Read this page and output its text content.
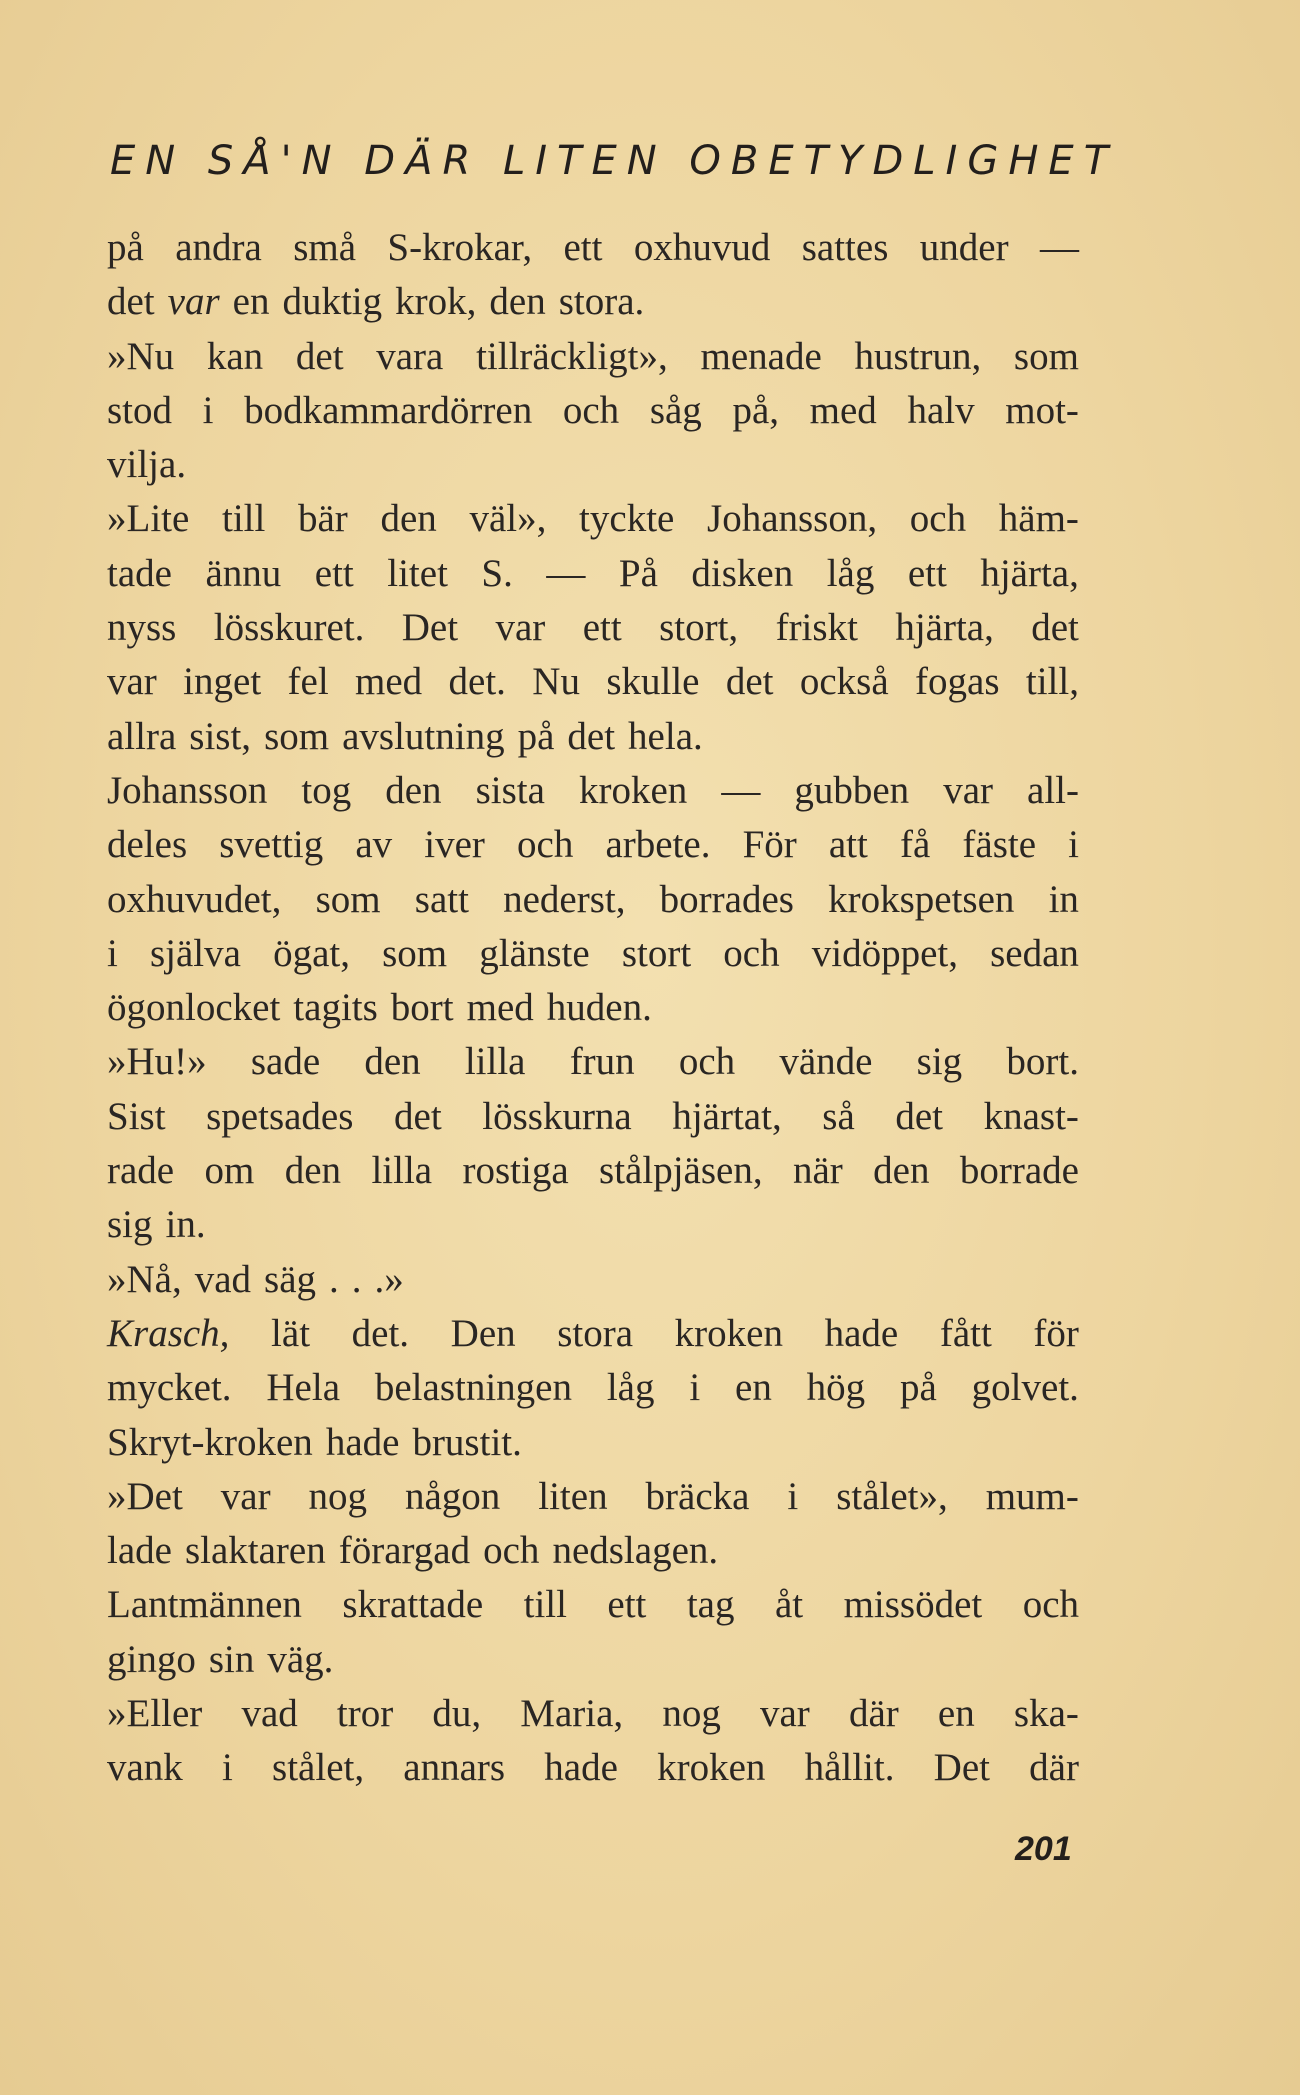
EN SÅ'N DÄR LITEN OBETYDLIGHET
på andra små S-krokar, ett oxhuvud sattes under —
det var en duktig krok, den stora.
»Nu kan det vara tillräckligt», menade hustrun, som
stod i bodkammardörren och såg på, med halv mot-
vilja.
»Lite till bär den väl», tyckte Johansson, och häm-
tade ännu ett litet S. — På disken låg ett hjärta,
nyss lösskuret. Det var ett stort, friskt hjärta, det
var inget fel med det. Nu skulle det också fogas till,
allra sist, som avslutning på det hela.
Johansson tog den sista kroken — gubben var all-
deles svettig av iver och arbete. För att få fäste i
oxhuvudet, som satt nederst, borrades krokspetsen in
i själva ögat, som glänste stort och vidöppet, sedan
ögonlocket tagits bort med huden.
»Hu!» sade den lilla frun och vände sig bort.
Sist spetsades det lösskurna hjärtat, så det knast-
rade om den lilla rostiga stålpjäsen, när den borrade
sig in.
»Nå, vad säg . . .»
Krasch, lät det. Den stora kroken hade fått för
mycket. Hela belastningen låg i en hög på golvet.
Skryt-kroken hade brustit.
»Det var nog någon liten bräcka i stålet», mum-
lade slaktaren förargad och nedslagen.
Lantmännen skrattade till ett tag åt missödet och
gingo sin väg.
»Eller vad tror du, Maria, nog var där en ska-
vank i stålet, annars hade kroken hållit. Det där
201
